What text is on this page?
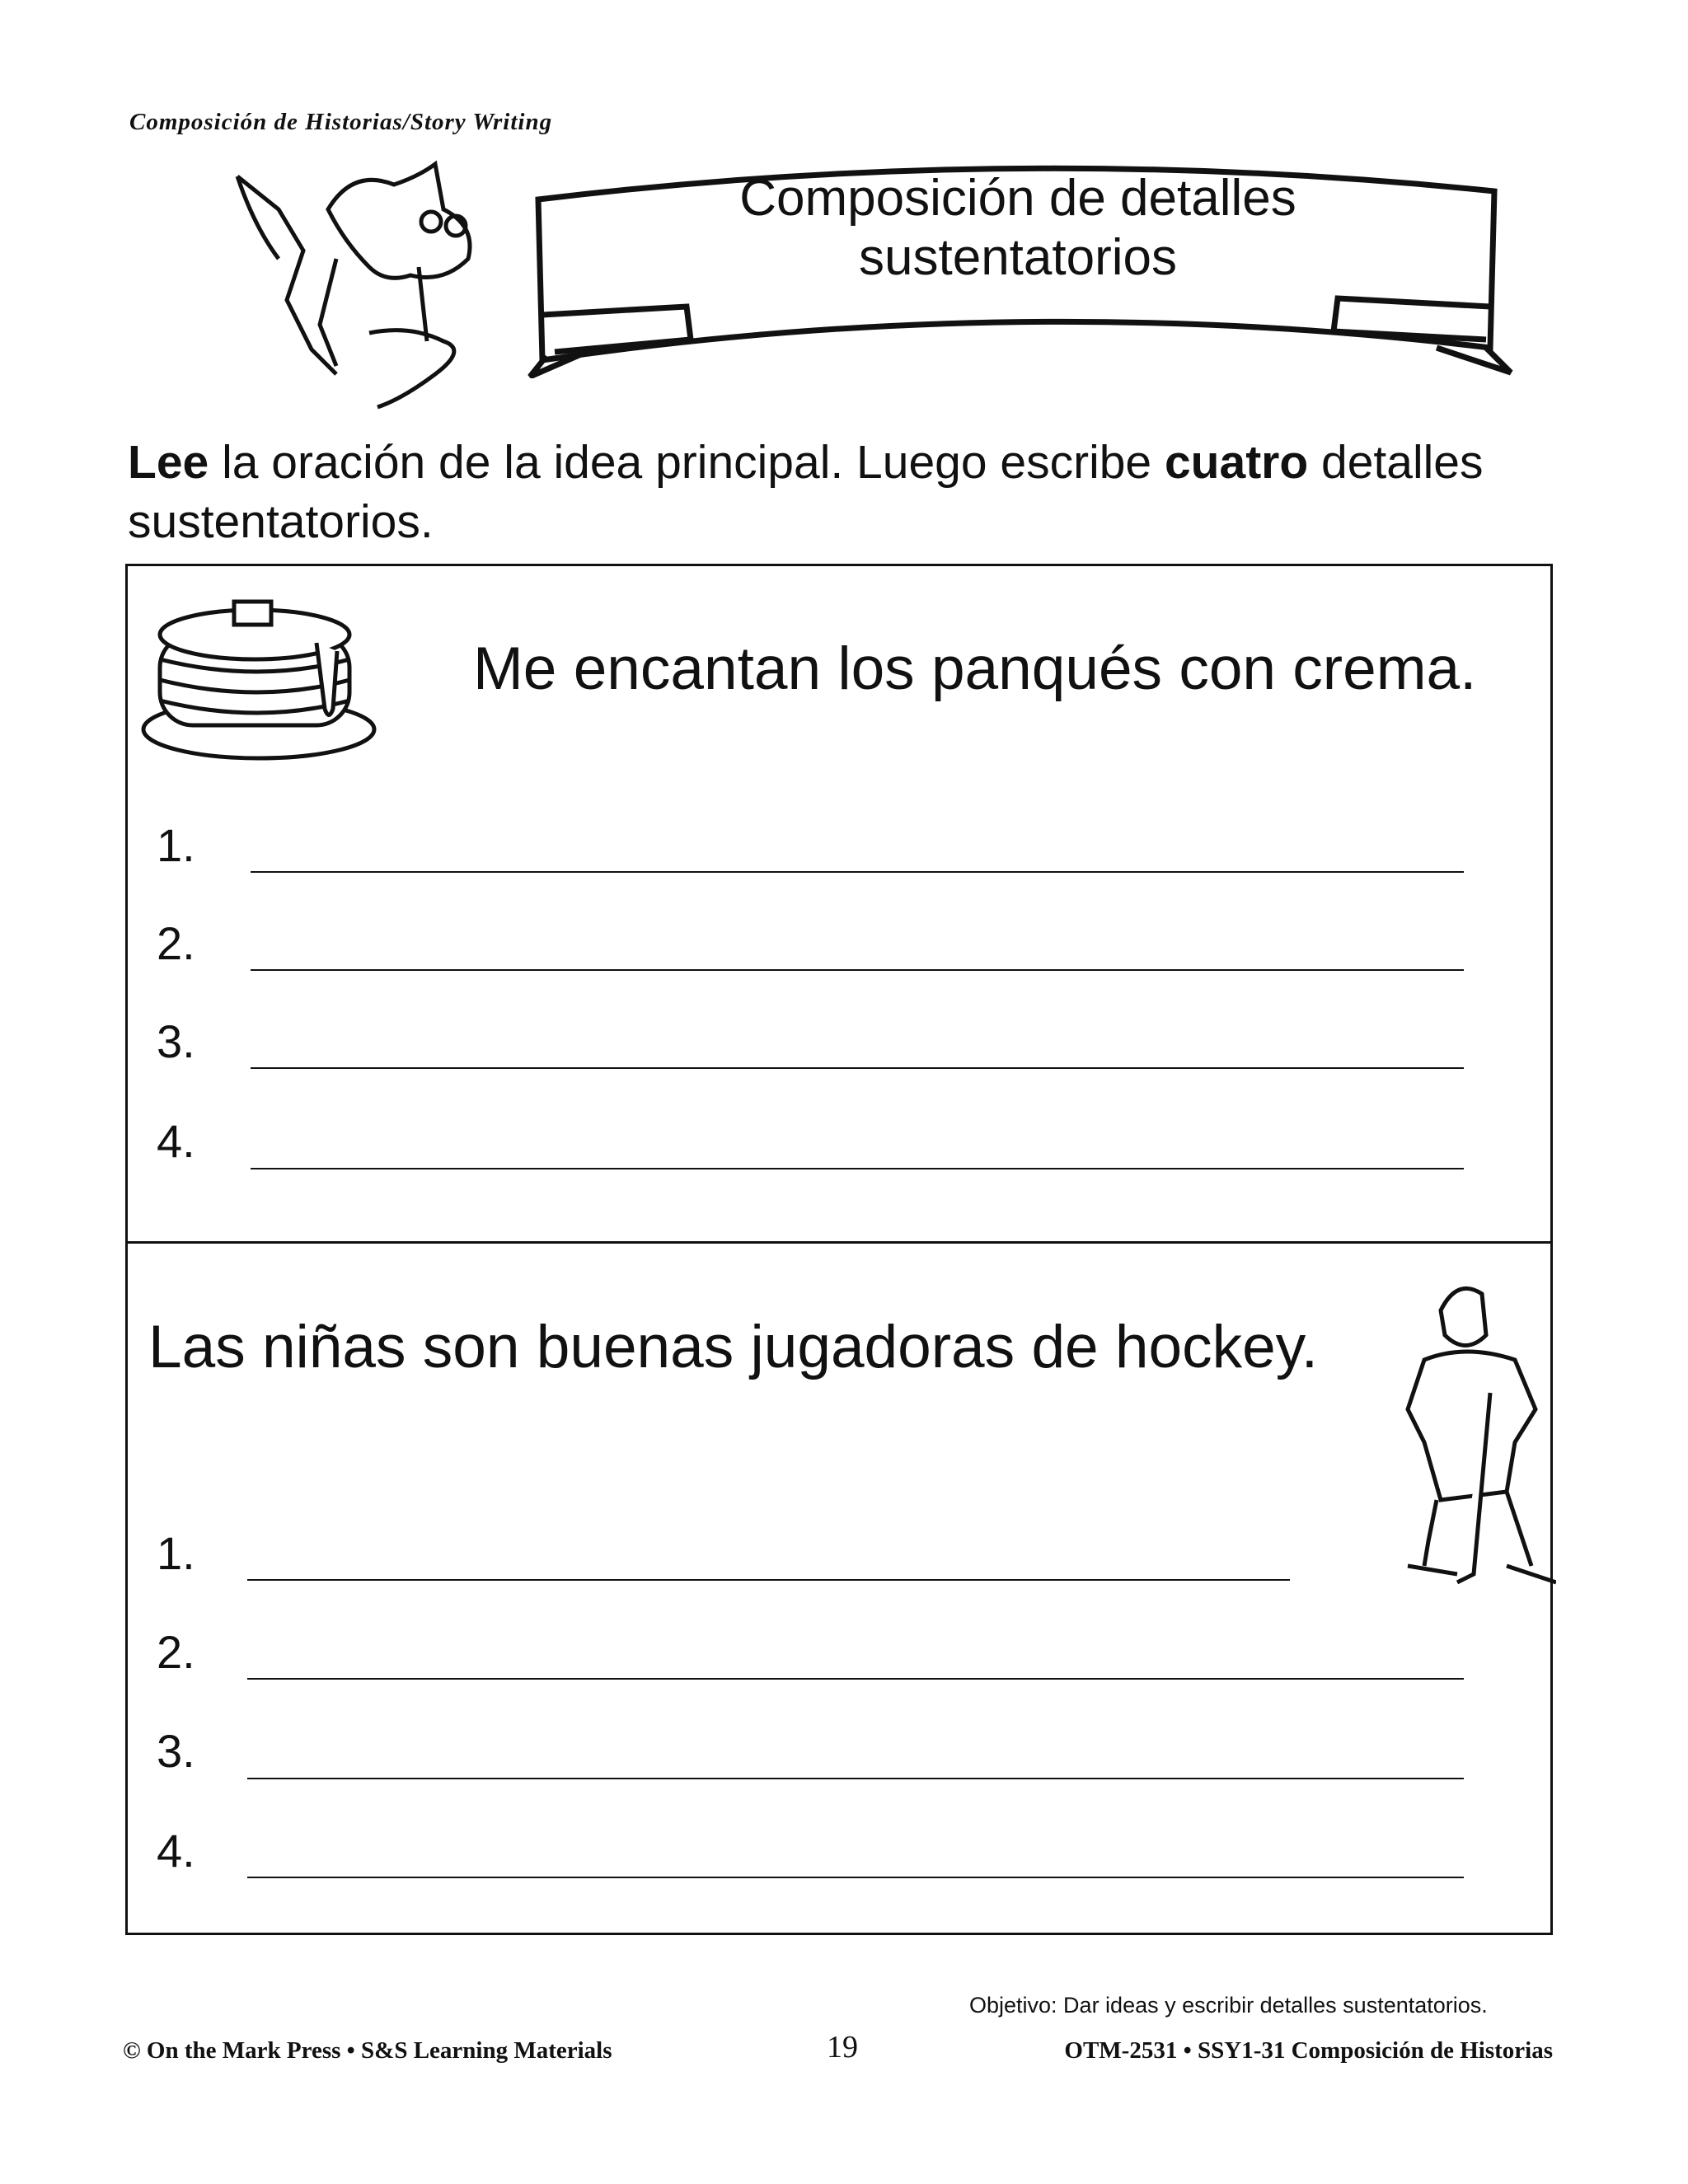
Composición de Historias/Story Writing
Composición de detalles
sustentatorios
Lee la oración de la idea principal. Luego escribe cuatro detalles sustentatorios.
Me encantan los panqués con crema.
1.
2.
3.
4.
Las niñas son buenas jugadoras de hockey.
1.
2.
3.
4.
Objetivo: Dar ideas y escribir detalles sustentatorios.
© On the Mark Press • S&S Learning Materials	19	OTM-2531 • SSY1-31 Composición de Historias
